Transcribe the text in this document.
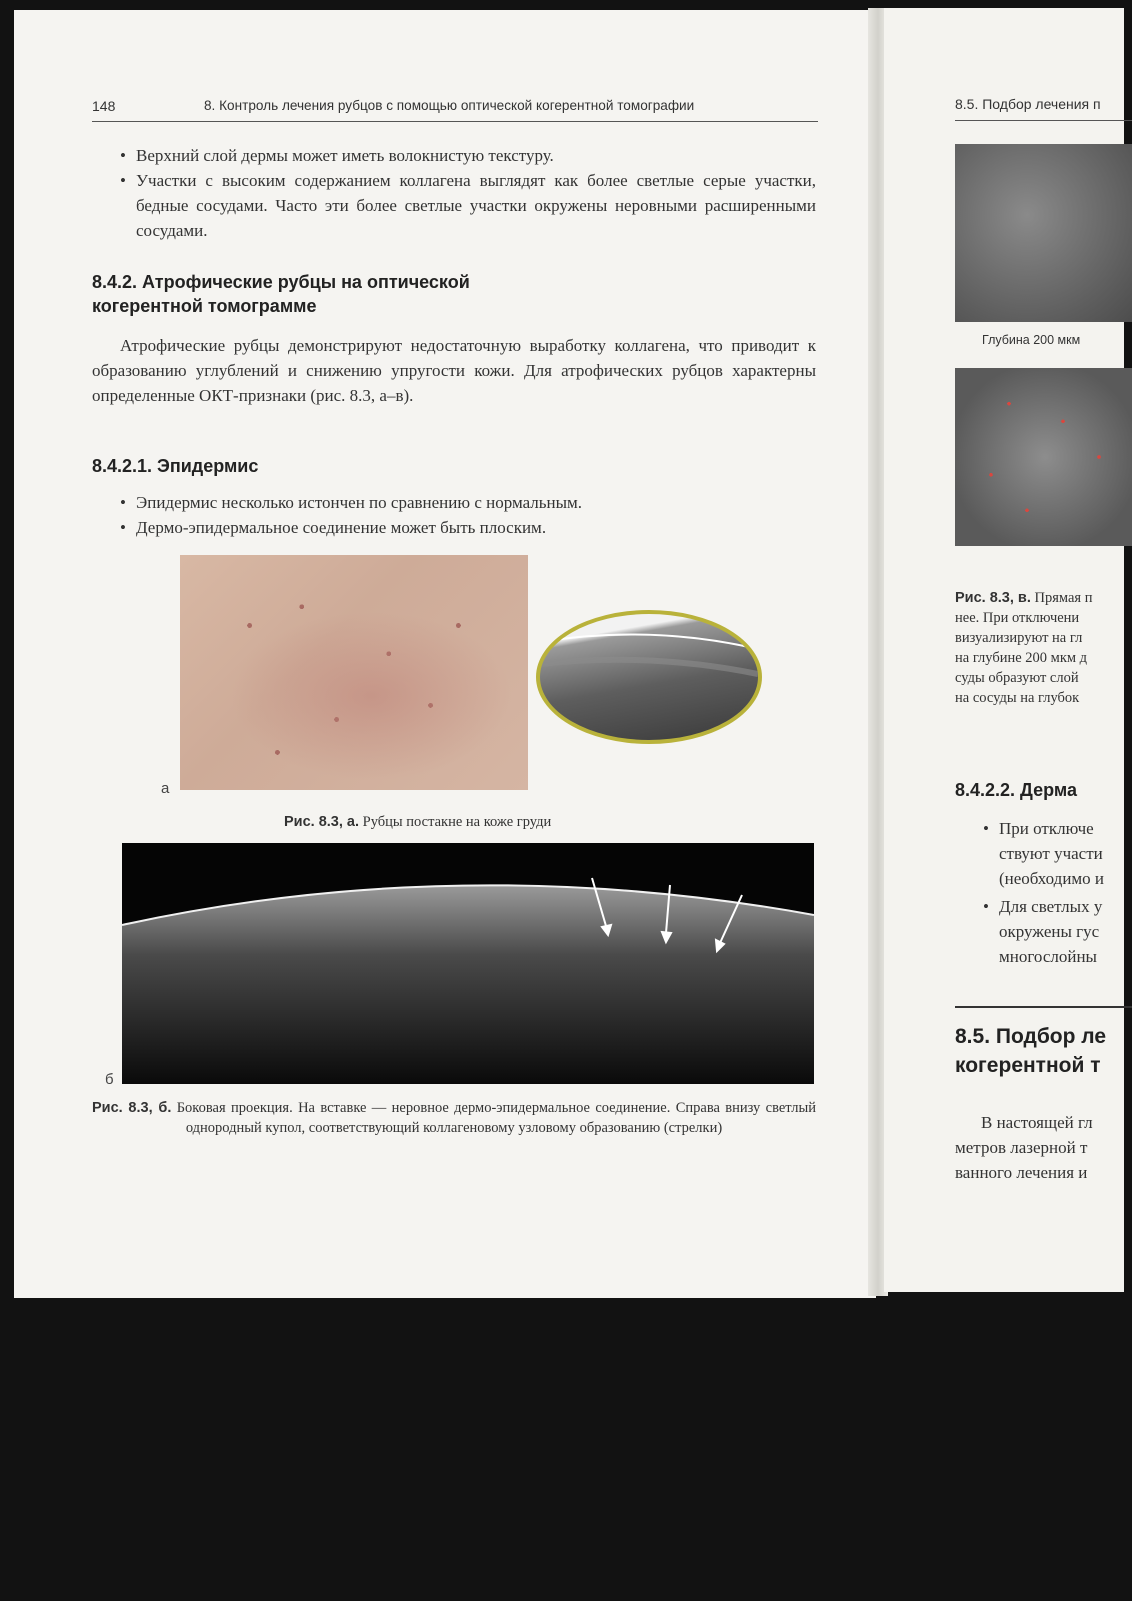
148	8. Контроль лечения рубцов с помощью оптической когерентной томографии
• Верхний слой дермы может иметь волокнистую текстуру.
• Участки с высоким содержанием коллагена выглядят как более светлые серые участки, бедные сосудами. Часто эти более светлые участки окружены неровными расширенными сосудами.
8.4.2. Атрофические рубцы на оптической
когерентной томограмме
Атрофические рубцы демонстрируют недостаточную выработку коллагена, что приводит к образованию углублений и снижению упругости кожи. Для атрофических рубцов характерны определенные ОКТ-признаки (рис. 8.3, а–в).
8.4.2.1. Эпидермис
• Эпидермис несколько истончен по сравнению с нормальным.
• Дермо-эпидермальное соединение может быть плоским.
а
Рис. 8.3, а. Рубцы постакне на коже груди
б
Рис. 8.3, б. Боковая проекция. На вставке — неровное дермо-эпидермальное соединение. Справа внизу светлый однородный купол, соответствующий коллагеновому узловому образованию (стрелки)
8.5. Подбор лечения п
Глубина 200 мкм
Рис. 8.3, в. Прямая п
нее. При отключени
визуализируют на гл
на глубине 200 мкм д
суды образуют слой
на сосуды на глубок
8.4.2.2. Дерма
• При отключе
ствуют участи
(необходимо и
• Для светлых у
окружены гус
многослойны
8.5. Подбор ле
когерентной т
В настоящей гл
метров лазерной т
ванного лечения и
